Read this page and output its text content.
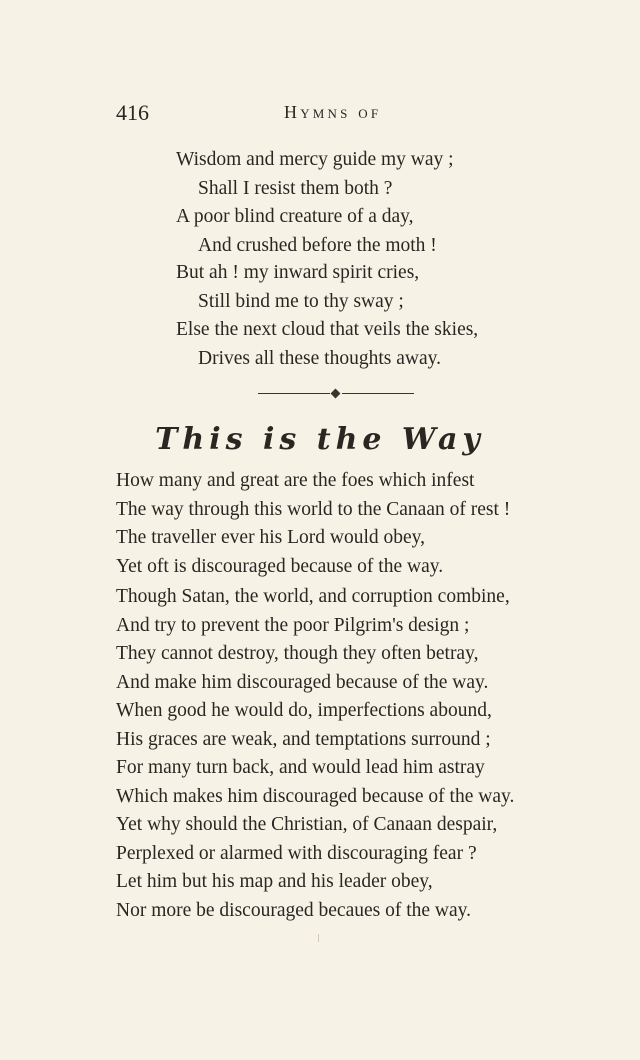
416	Hymns of
Wisdom and mercy guide my way ;
Shall I resist them both ?
A poor blind creature of a day,
And crushed before the moth !
But ah ! my inward spirit cries,
Still bind me to thy sway ;
Else the next cloud that veils the skies,
Drives all these thoughts away.
This is the Way
How many and great are the foes which infest
The way through this world to the Canaan of rest !
The traveller ever his Lord would obey,
Yet oft is discouraged because of the way.
Though Satan, the world, and corruption combine,
And try to prevent the poor Pilgrim's design ;
They cannot destroy, though they often betray,
And make him discouraged because of the way.
When good he would do, imperfections abound,
His graces are weak, and temptations surround ;
For many turn back, and would lead him astray
Which makes him discouraged because of the way.
Yet why should the Christian, of Canaan despair,
Perplexed or alarmed with discouraging fear ?
Let him but his map and his leader obey,
Nor more be discouraged becaues of the way.
